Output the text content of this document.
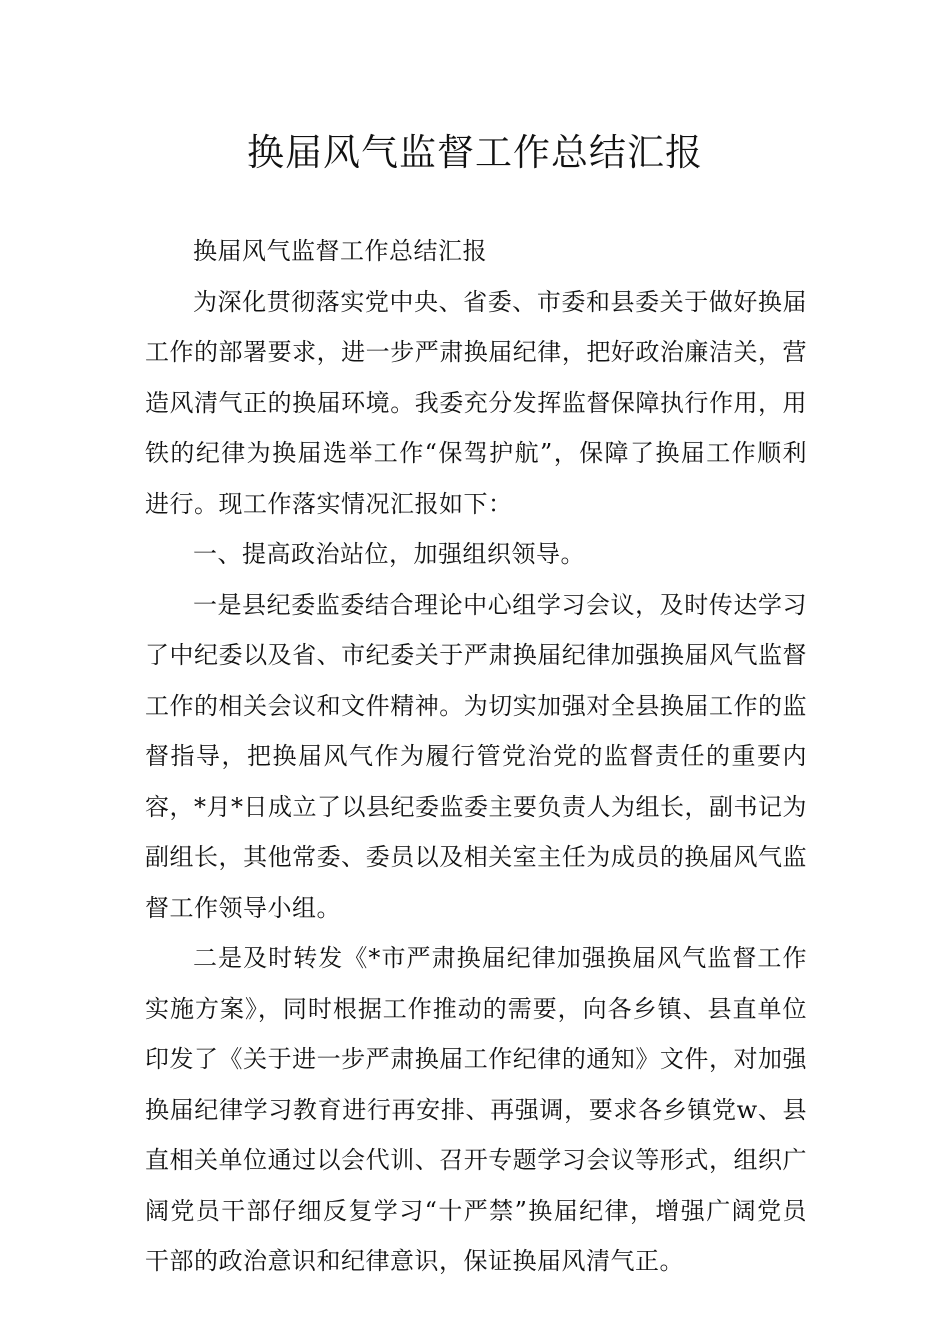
换届风气监督工作总结汇报

换届风气监督工作总结汇报

为深化贯彻落实党中央、省委、市委和县委关于做好换届工作的部署要求，进一步严肃换届纪律，把好政治廉洁关，营造风清气正的换届环境。我委充分发挥监督保障执行作用，用铁的纪律为换届选举工作“保驾护航”，保障了换届工作顺利进行。现工作落实情况汇报如下：

一、提高政治站位，加强组织领导。

一是县纪委监委结合理论中心组学习会议，及时传达学习了中纪委以及省、市纪委关于严肃换届纪律加强换届风气监督工作的相关会议和文件精神。为切实加强对全县换届工作的监督指导，把换届风气作为履行管党治党的监督责任的重要内容，*月*日成立了以县纪委监委主要负责人为组长，副书记为副组长，其他常委、委员以及相关室主任为成员的换届风气监督工作领导小组。

二是及时转发《*市严肃换届纪律加强换届风气监督工作实施方案》，同时根据工作推动的需要，向各乡镇、县直单位印发了《关于进一步严肃换届工作纪律的通知》文件，对加强换届纪律学习教育进行再安排、再强调，要求各乡镇党w、县直相关单位通过以会代训、召开专题学习会议等形式，组织广阔党员干部仔细反复学习“十严禁”换届纪律，增强广阔党员干部的政治意识和纪律意识，保证换届风清气正。
